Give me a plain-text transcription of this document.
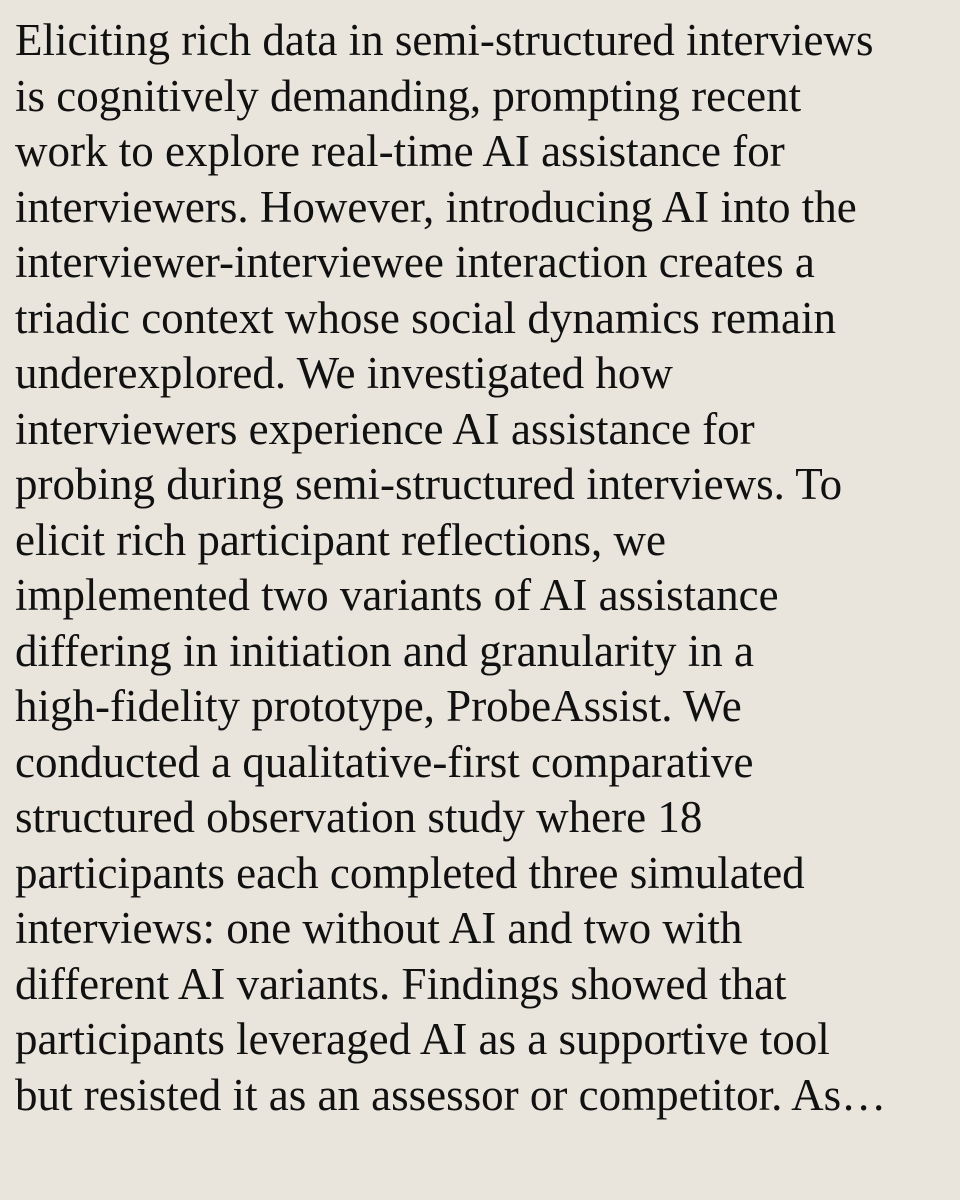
Eliciting rich data in semi-structured interviews
is cognitively demanding, prompting recent
work to explore real-time AI assistance for
interviewers. However, introducing AI into the
interviewer-interviewee interaction creates a
triadic context whose social dynamics remain
underexplored. We investigated how
interviewers experience AI assistance for
probing during semi-structured interviews. To
elicit rich participant reflections, we
implemented two variants of AI assistance
differing in initiation and granularity in a
high-fidelity prototype, ProbeAssist. We
conducted a qualitative-first comparative
structured observation study where 18
participants each completed three simulated
interviews: one without AI and two with
different AI variants. Findings showed that
participants leveraged AI as a supportive tool
but resisted it as an assessor or competitor. As…
